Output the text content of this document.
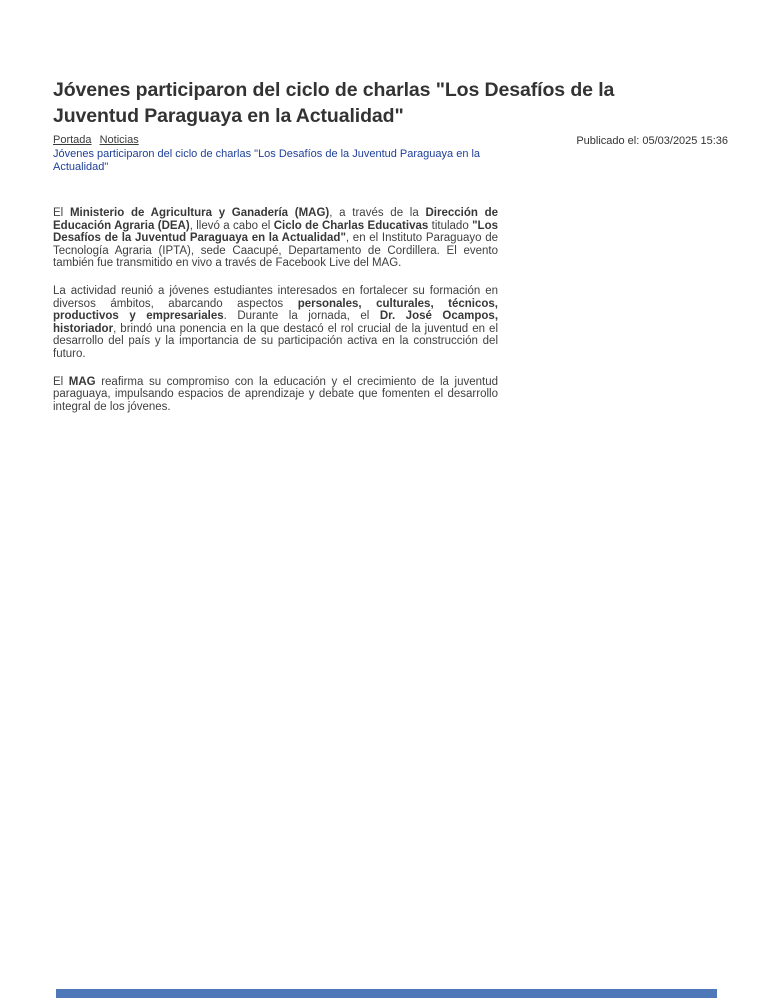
Jóvenes participaron del ciclo de charlas "Los Desafíos de la Juventud Paraguaya en la Actualidad"
Portada Noticias
Jóvenes participaron del ciclo de charlas "Los Desafíos de la Juventud Paraguaya en la Actualidad"
Publicado el: 05/03/2025 15:36

El Ministerio de Agricultura y Ganadería (MAG), a través de la Dirección de Educación Agraria (DEA), llevó a cabo el Ciclo de Charlas Educativas titulado "Los Desafíos de la Juventud Paraguaya en la Actualidad", en el Instituto Paraguayo de Tecnología Agraria (IPTA), sede Caacupé, Departamento de Cordillera. El evento también fue transmitido en vivo a través de Facebook Live del MAG.

La actividad reunió a jóvenes estudiantes interesados en fortalecer su formación en diversos ámbitos, abarcando aspectos personales, culturales, técnicos, productivos y empresariales. Durante la jornada, el Dr. José Ocampos, historiador, brindó una ponencia en la que destacó el rol crucial de la juventud en el desarrollo del país y la importancia de su participación activa en la construcción del futuro.

El MAG reafirma su compromiso con la educación y el crecimiento de la juventud paraguaya, impulsando espacios de aprendizaje y debate que fomenten el desarrollo integral de los jóvenes.
